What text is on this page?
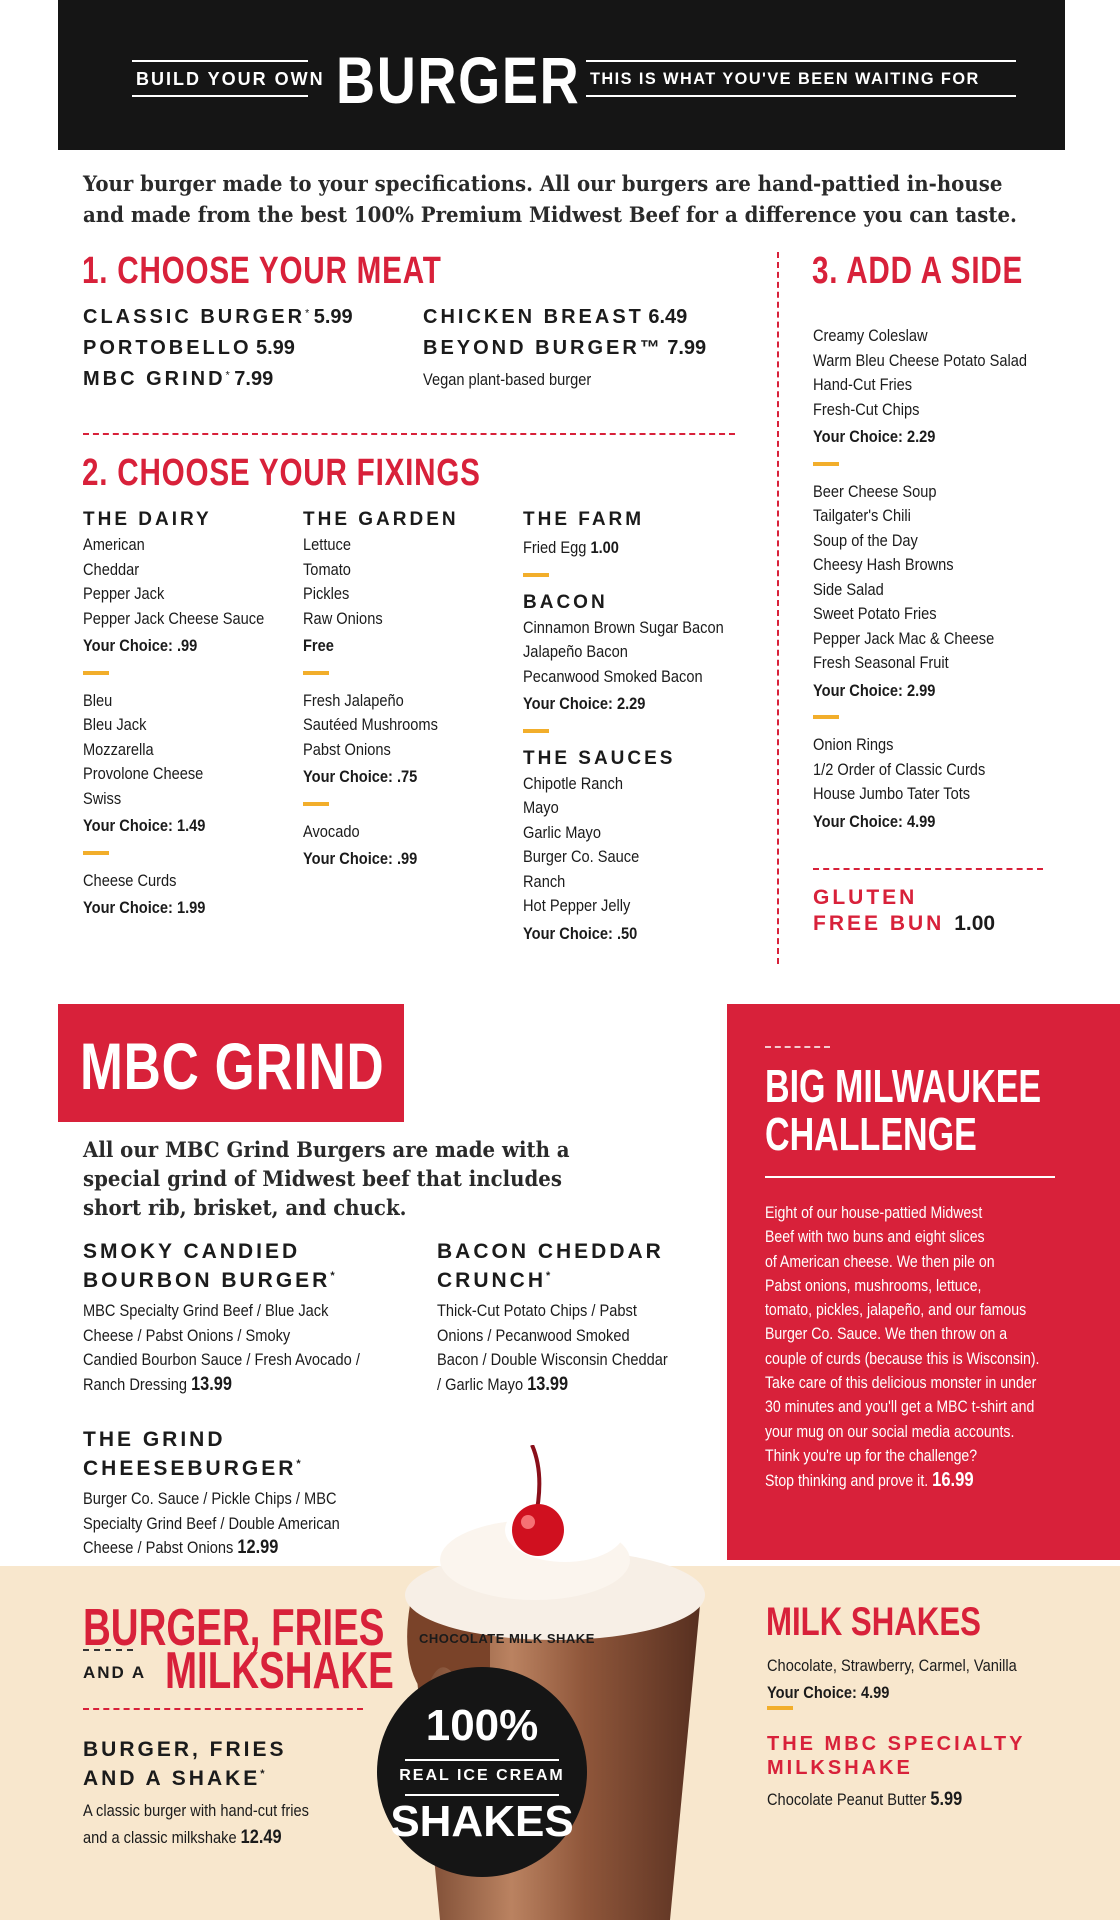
BUILD YOUR OWN BURGER THIS IS WHAT YOU'VE BEEN WAITING FOR
Your burger made to your specifications. All our burgers are hand-pattied in-house
and made from the best 100% Premium Midwest Beef for a difference you can taste.
1. CHOOSE YOUR MEAT
CLASSIC BURGER* 5.99
PORTOBELLO 5.99
MBC GRIND* 7.99
CHICKEN BREAST 6.49
BEYOND BURGER™ 7.99
Vegan plant-based burger
2. CHOOSE YOUR FIXINGS
THE DAIRY
American
Cheddar
Pepper Jack
Pepper Jack Cheese Sauce
Your Choice: .99
Bleu
Bleu Jack
Mozzarella
Provolone Cheese
Swiss
Your Choice: 1.49
Cheese Curds
Your Choice: 1.99
THE GARDEN
Lettuce
Tomato
Pickles
Raw Onions
Free
Fresh Jalapeño
Sautéed Mushrooms
Pabst Onions
Your Choice: .75
Avocado
Your Choice: .99
THE FARM
Fried Egg 1.00
BACON
Cinnamon Brown Sugar Bacon
Jalapeño Bacon
Pecanwood Smoked Bacon
Your Choice: 2.29
THE SAUCES
Chipotle Ranch
Mayo
Garlic Mayo
Burger Co. Sauce
Ranch
Hot Pepper Jelly
Your Choice: .50
3. ADD A SIDE
Creamy Coleslaw
Warm Bleu Cheese Potato Salad
Hand-Cut Fries
Fresh-Cut Chips
Your Choice: 2.29
Beer Cheese Soup
Tailgater's Chili
Soup of the Day
Cheesy Hash Browns
Side Salad
Sweet Potato Fries
Pepper Jack Mac & Cheese
Fresh Seasonal Fruit
Your Choice: 2.99
Onion Rings
1/2 Order of Classic Curds
House Jumbo Tater Tots
Your Choice: 4.99
GLUTEN
FREE BUN 1.00
MBC GRIND
All our MBC Grind Burgers are made with a
special grind of Midwest beef that includes
short rib, brisket, and chuck.
SMOKY CANDIED
BOURBON BURGER*
MBC Specialty Grind Beef / Blue Jack
Cheese / Pabst Onions / Smoky
Candied Bourbon Sauce / Fresh Avocado /
Ranch Dressing 13.99
BACON CHEDDAR
CRUNCH*
Thick-Cut Potato Chips / Pabst
Onions / Pecanwood Smoked
Bacon / Double Wisconsin Cheddar
/ Garlic Mayo 13.99
THE GRIND
CHEESEBURGER*
Burger Co. Sauce / Pickle Chips / MBC
Specialty Grind Beef / Double American
Cheese / Pabst Onions 12.99
BIG MILWAUKEE
CHALLENGE
Eight of our house-pattied Midwest
Beef with two buns and eight slices
of American cheese. We then pile on
Pabst onions, mushrooms, lettuce,
tomato, pickles, jalapeño, and our famous
Burger Co. Sauce. We then throw on a
couple of curds (because this is Wisconsin).
Take care of this delicious monster in under
30 minutes and you'll get a MBC t-shirt and
your mug on our social media accounts.
Think you're up for the challenge?
Stop thinking and prove it. 16.99
BURGER, FRIES
AND A MILKSHAKE
BURGER, FRIES
AND A SHAKE*
A classic burger with hand-cut fries
and a classic milkshake 12.49
CHOCOLATE MILK SHAKE
100%
REAL ICE CREAM
SHAKES
MILK SHAKES
Chocolate, Strawberry, Carmel, Vanilla
Your Choice: 4.99
THE MBC SPECIALTY
MILKSHAKE
Chocolate Peanut Butter 5.99
